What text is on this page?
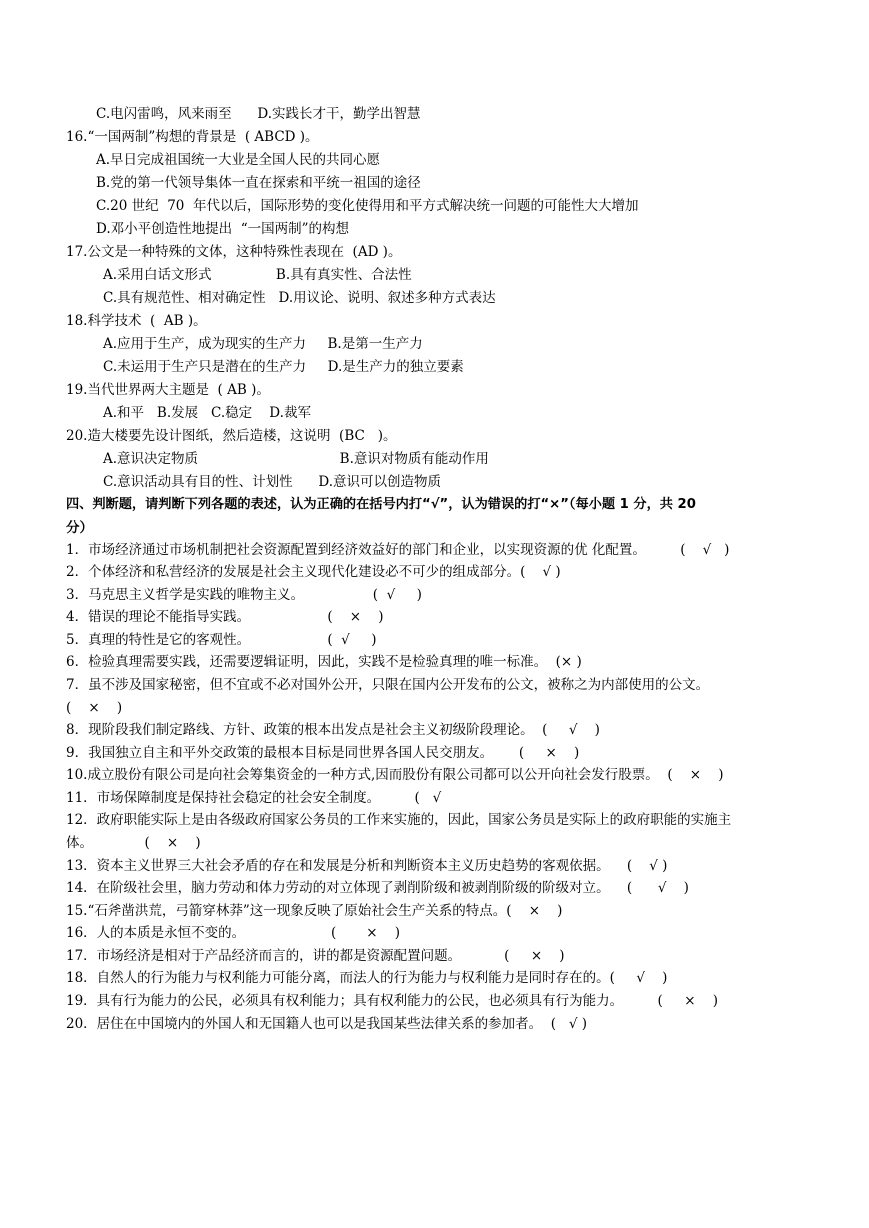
C.电闪雷鸣，风来雨至      D.实践长才干，勤学出智慧
16.“一国两制”构想的背景是  ( ABCD )。
A.早日完成祖国统一大业是全国人民的共同心愿
B.党的第一代领导集体一直在探索和平统一祖国的途径
C.20 世纪  70  年代以后，国际形势的变化使得用和平方式解决统一问题的可能性大大增加
D.邓小平创造性地提出  “一国两制”的构想
17.公文是一种特殊的文体，这种特殊性表现在  (AD )。
A.采用白话文形式               B.具有真实性、合法性
C.具有规范性、相对确定性   D.用议论、说明、叙述多种方式表达
18.科学技术  (  AB )。
A.应用于生产，成为现实的生产力     B.是第一生产力
C.未运用于生产只是潜在的生产力     D.是生产力的独立要素
19.当代世界两大主题是  ( AB )。
A.和平   B.发展   C.稳定    D.裁军
20.造大楼要先设计图纸，然后造楼，这说明  (BC   )。
A.意识决定物质                                 B.意识对物质有能动作用
C.意识活动具有目的性、计划性      D.意识可以创造物质
四、判断题，请判断下列各题的表述，认为正确的在括号内打“√”，认为错误的打“×”（每小题 1 分，共 20
分）
1．市场经济通过市场机制把社会资源配置到经济效益好的部门和企业，以实现资源的优 化配置。        (    √   )
2．个体经济和私营经济的发展是社会主义现代化建设必不可少的组成部分。(    √ )
3．马克思主义哲学是实践的唯物主义。                (  √     )
4．错误的理论不能指导实践。                  (    ×    )
5．真理的特性是它的客观性。                  (  √     )
6．检验真理需要实践，还需要逻辑证明，因此，实践不是检验真理的唯一标准。  (× )
7．虽不涉及国家秘密，但不宜或不必对国外公开，只限在国内公开发布的公文，被称之为内部使用的公文。
(    ×    )
8．现阶段我们制定路线、方针、政策的根本出发点是社会主义初级阶段理论。  (     √    )
9．我国独立自主和平外交政策的最根本目标是同世界各国人民交朋友。      (     ×    )
10.成立股份有限公司是向社会筹集资金的一种方式,因而股份有限公司都可以公开向社会发行股票。  (    ×    )
11．市场保障制度是保持社会稳定的社会安全制度。        (   √
12．政府职能实际上是由各级政府国家公务员的工作来实施的，因此，国家公务员是实际上的政府职能的实施主
体。            (    ×    )
13．资本主义世界三大社会矛盾的存在和发展是分析和判断资本主义历史趋势的客观依据。    (    √ )
14．在阶级社会里，脑力劳动和体力劳动的对立体现了剥削阶级和被剥削阶级的阶级对立。    (      √    )
15.“石斧凿洪荒，弓箭穿林莽”这一现象反映了原始社会生产关系的特点。(    ×    )
16．人的本质是永恒不变的。                    (       ×    )
17．市场经济是相对于产品经济而言的，讲的都是资源配置问题。          (     ×    )
18．自然人的行为能力与权利能力可能分离，而法人的行为能力与权利能力是同时存在的。(     √    )
19．具有行为能力的公民，必须具有权利能力；具有权利能力的公民，也必须具有行为能力。        (     ×    )
20．居住在中国境内的外国人和无国籍人也可以是我国某些法律关系的参加者。  (   √ )
